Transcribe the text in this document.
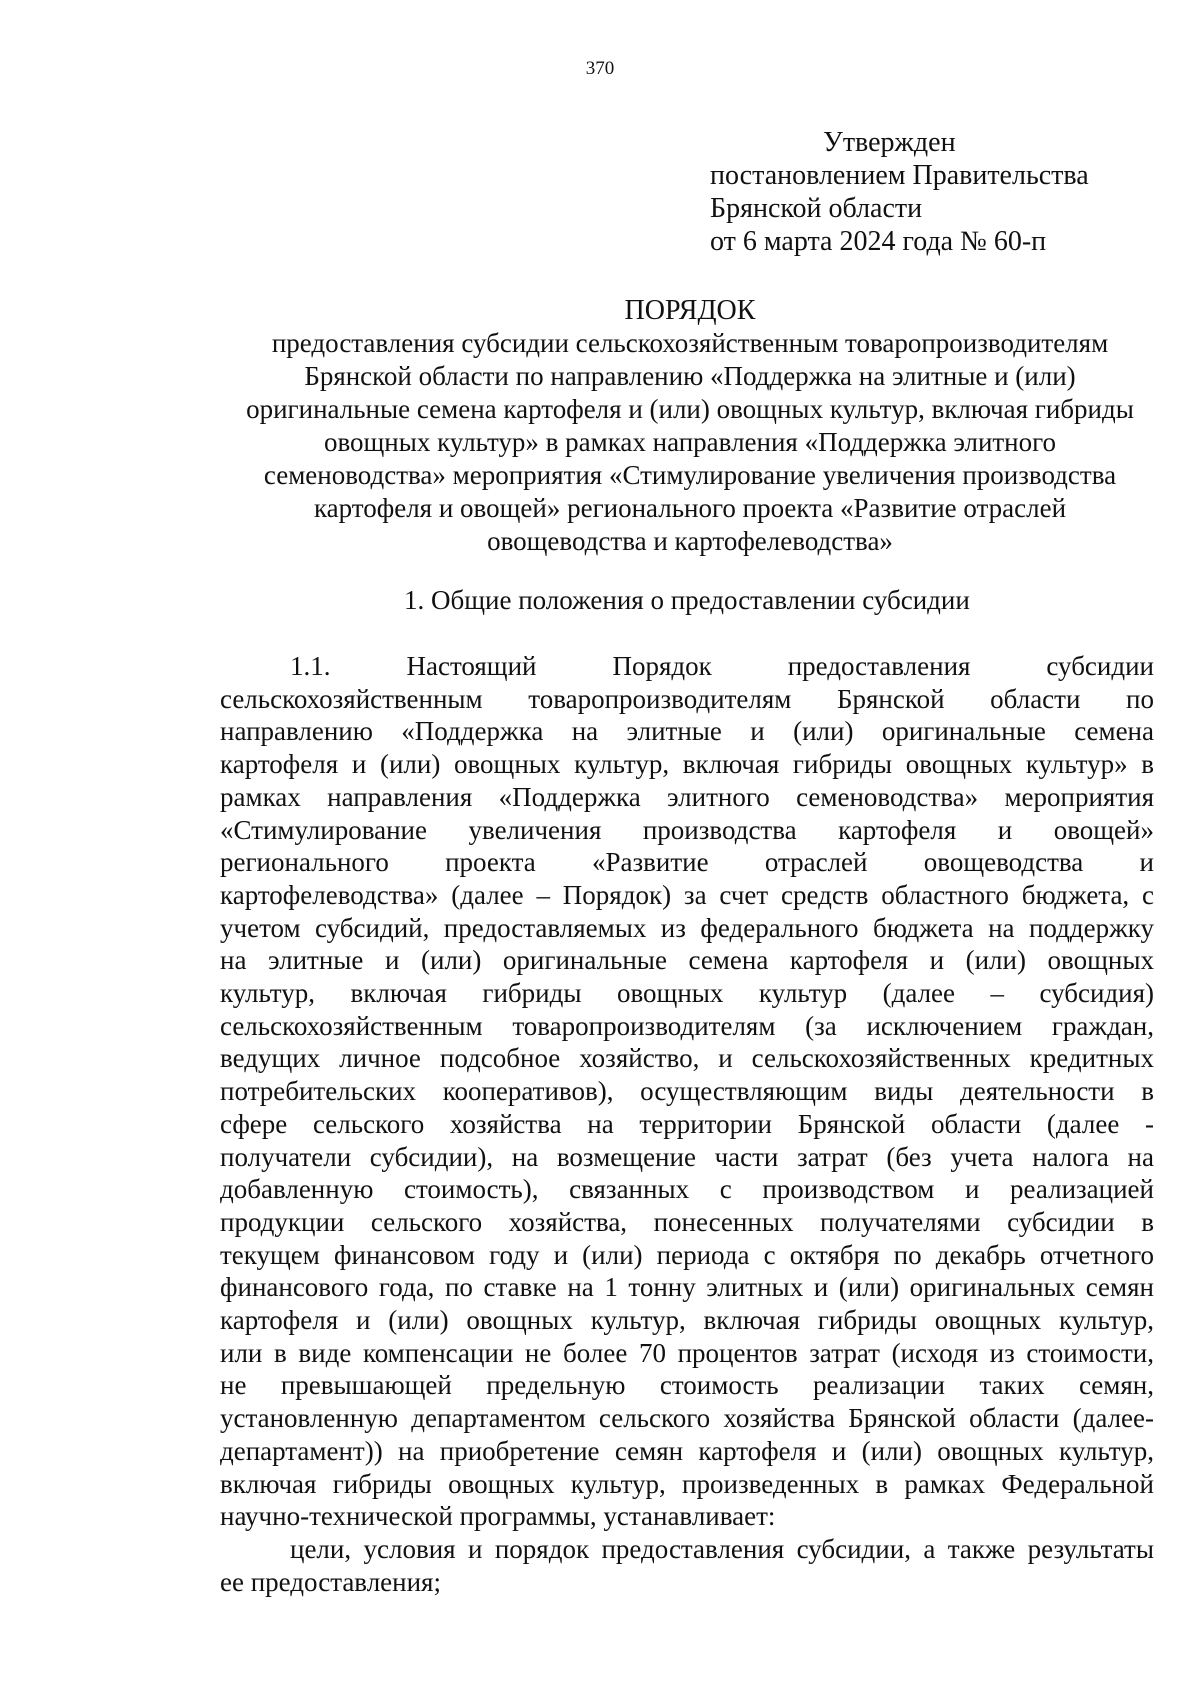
370
Утвержден
постановлением Правительства
Брянской области
от 6 марта 2024 года № 60-п
ПОРЯДОК
предоставления субсидии сельскохозяйственным товаропроизводителям
Брянской области по направлению «Поддержка на элитные и (или)
оригинальные семена картофеля и (или) овощных культур, включая гибриды
овощных культур» в рамках направления «Поддержка элитного
семеноводства» мероприятия «Стимулирование увеличения производства
картофеля и овощей» регионального проекта «Развитие отраслей
овощеводства и картофелеводства»
1. Общие положения о предоставлении субсидии
1.1. Настоящий Порядок предоставления субсидии
сельскохозяйственным товаропроизводителям Брянской области по
направлению «Поддержка на элитные и (или) оригинальные семена
картофеля и (или) овощных культур, включая гибриды овощных культур» в
рамках направления «Поддержка элитного семеноводства» мероприятия
«Стимулирование увеличения производства картофеля и овощей»
регионального проекта «Развитие отраслей овощеводства и
картофелеводства» (далее – Порядок) за счет средств областного бюджета, с
учетом субсидий, предоставляемых из федерального бюджета на поддержку
на элитные и (или) оригинальные семена картофеля и (или) овощных
культур, включая гибриды овощных культур (далее – субсидия)
сельскохозяйственным товаропроизводителям (за исключением граждан,
ведущих личное подсобное хозяйство, и сельскохозяйственных кредитных
потребительских кооперативов), осуществляющим виды деятельности в
сфере сельского хозяйства на территории Брянской области (далее -
получатели субсидии), на возмещение части затрат (без учета налога на
добавленную стоимость), связанных с производством и реализацией
продукции сельского хозяйства, понесенных получателями субсидии в
текущем финансовом году и (или) периода с октября по декабрь отчетного
финансового года, по ставке на 1 тонну элитных и (или) оригинальных семян
картофеля и (или) овощных культур, включая гибриды овощных культур,
или в виде компенсации не более 70 процентов затрат (исходя из стоимости,
не превышающей предельную стоимость реализации таких семян,
установленную департаментом сельского хозяйства Брянской области (далее-
департамент)) на приобретение семян картофеля и (или) овощных культур,
включая гибриды овощных культур, произведенных в рамках Федеральной
научно-технической программы, устанавливает:
цели, условия и порядок предоставления субсидии, а также результаты
ее предоставления;
